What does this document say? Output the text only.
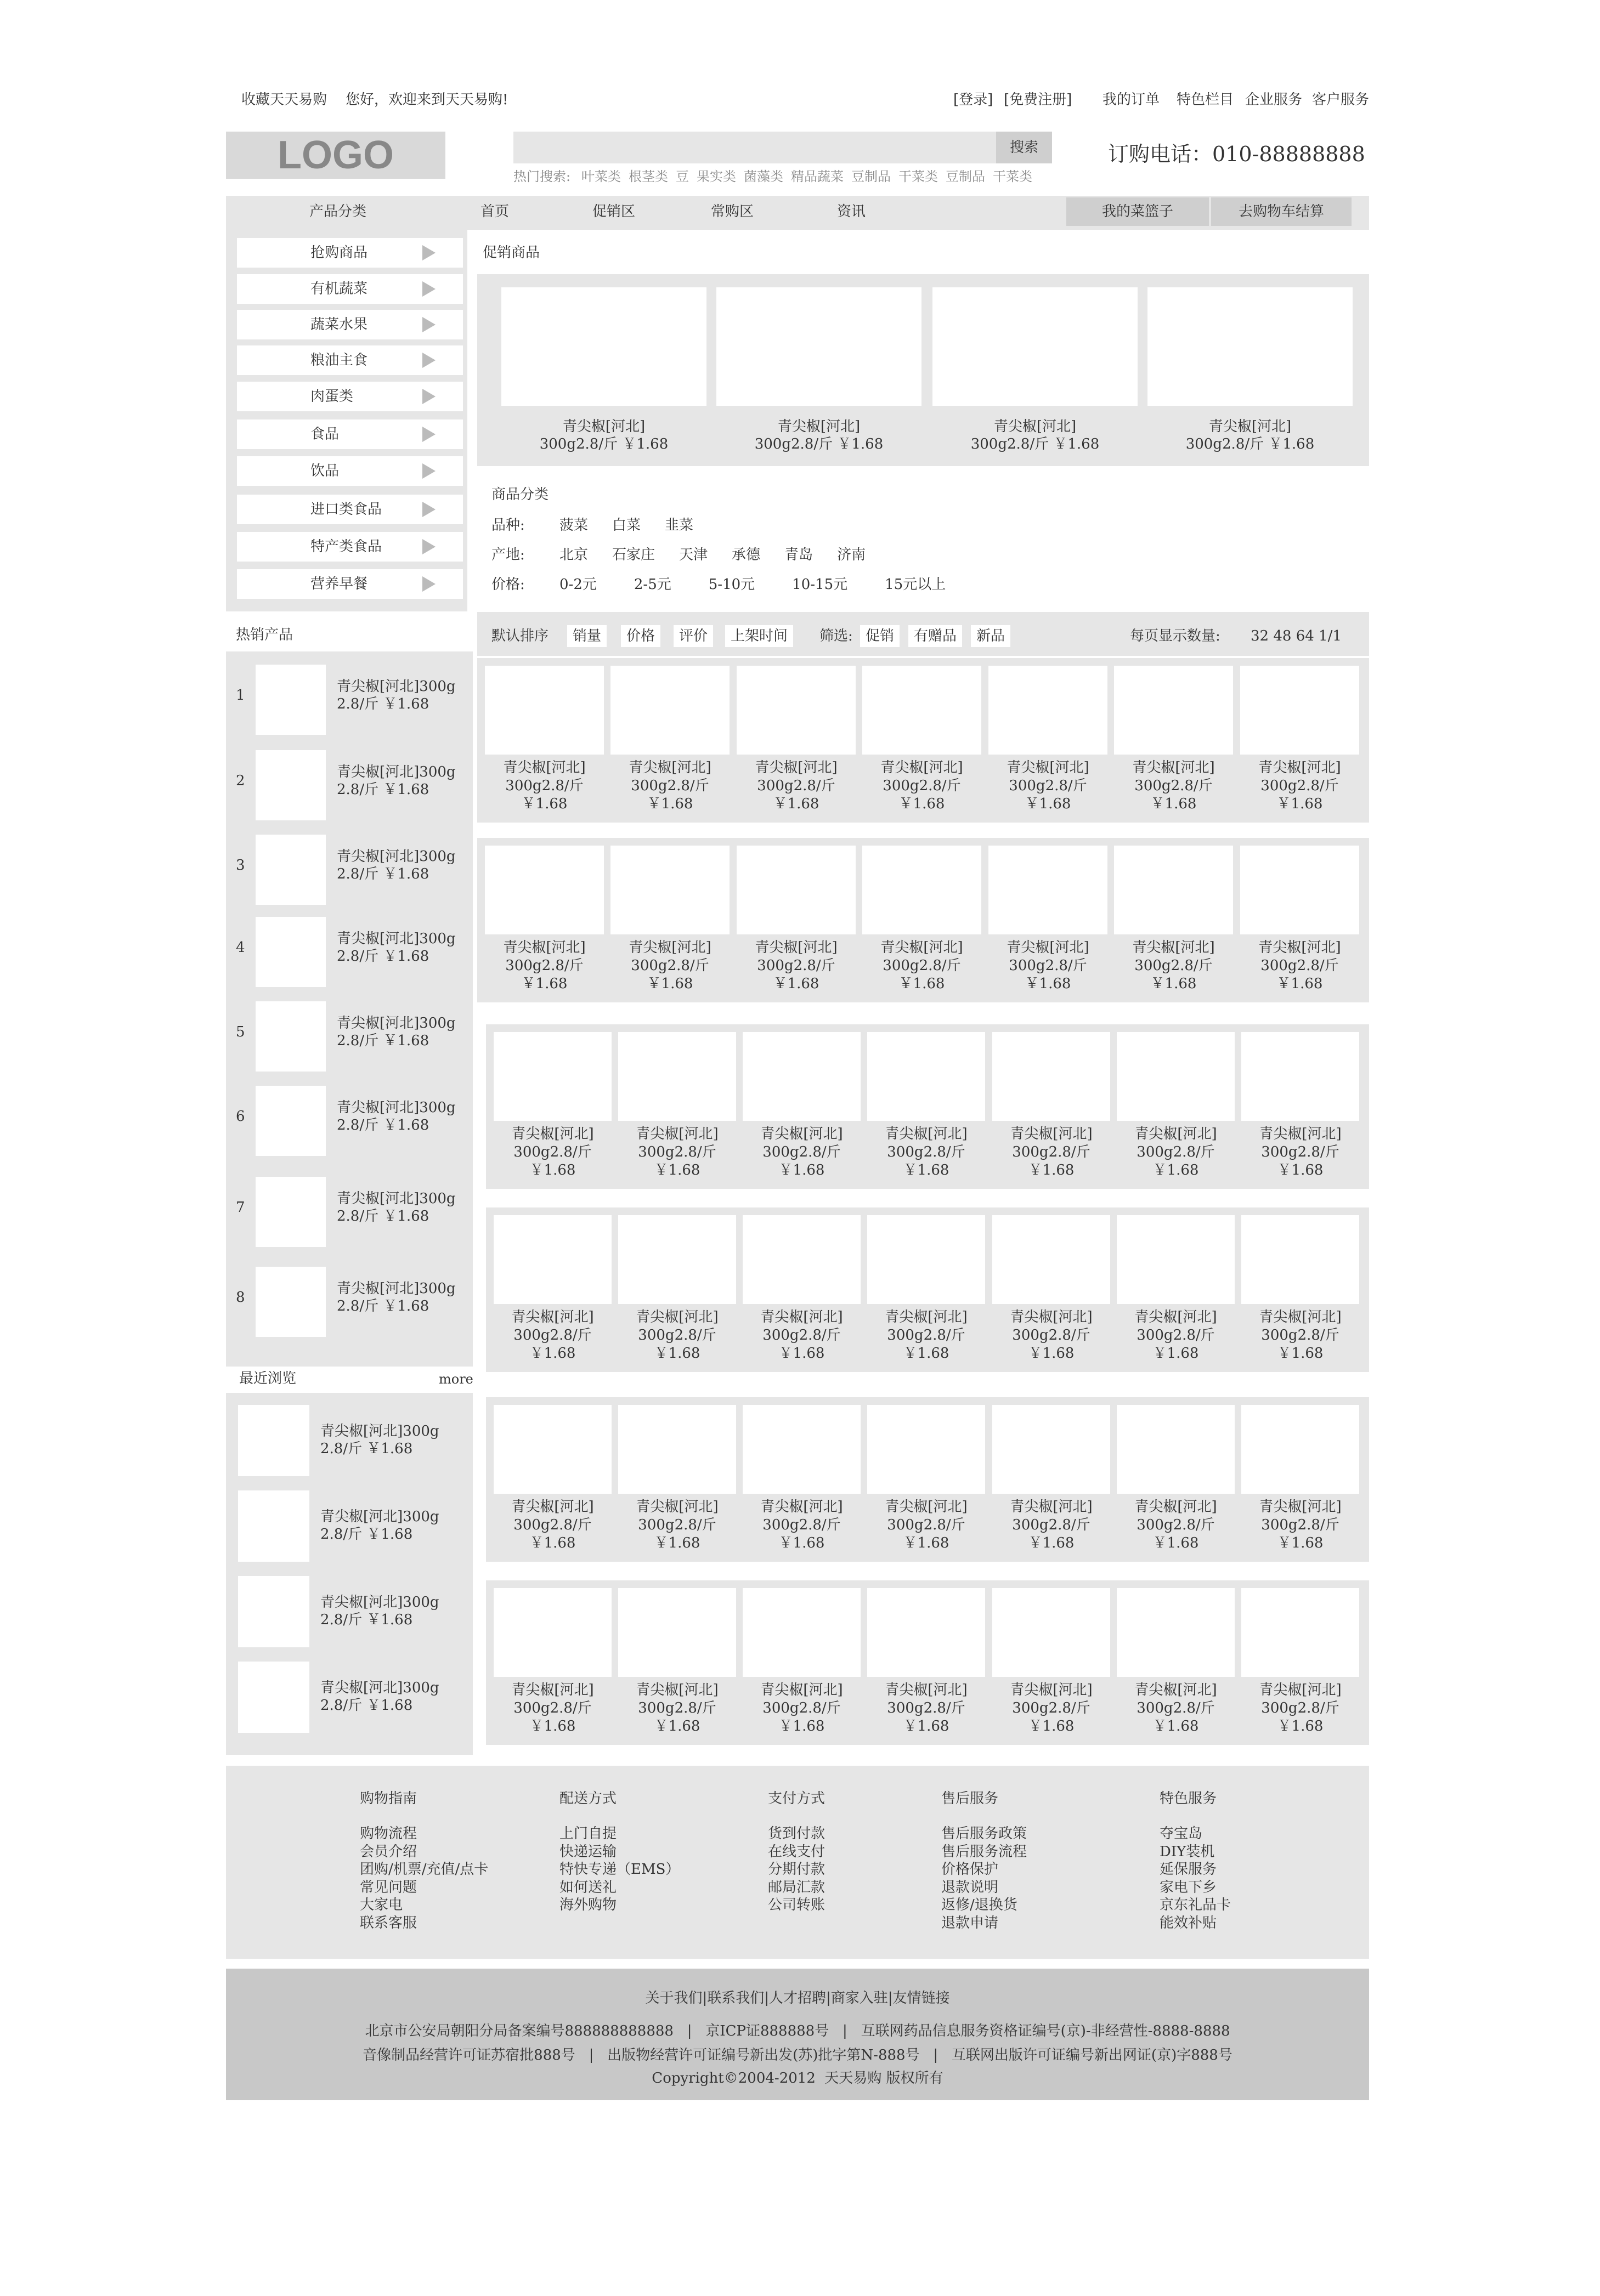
收藏天天易购 您好，欢迎来到天天易购!	[登录] [免费注册] 我的订单 特色栏目 企业服务 客户服务
LOGO	搜索
热门搜索: 叶菜类 根茎类 豆 果实类 菌藻类 精品蔬菜 豆制品 干菜类 豆制品 干菜类
订购电话：010-88888888
产品分类	首页	促销区	常购区	资讯	我的菜篮子	去购物车结算
促销商品
商品分类
品种: 菠菜 白菜 韭菜
产地: 北京 石家庄 天津 承德 青岛 济南
价格: 0-2元	2-5元	5-10元	10-15元	15元以上
热销产品
最近浏览	more
默认排序	销量	价格	评价	上架时间	筛选: 促销	有赠品	新品	每页显示数量: 32 48 64 1/1
关于我们|联系我们|人才招聘|商家入驻|友情链接
北京市公安局朝阳分局备案编号888888888888   |   京ICP证888888号   |   互联网药品信息服务资格证编号(京)-非经营性-8888-8888
音像制品经营许可证苏宿批888号   |   出版物经营许可证编号新出发(苏)批字第N-888号   |   互联网出版许可证编号新出网证(京)字888号
Copyright©2004-2012  天天易购 版权所有
抢购商品
有机蔬菜
蔬菜水果
粮油主食
肉蛋类
食品
饮品
进口类食品
特产类食品
营养早餐
青尖椒[河北]
300g2.8/斤 ￥1.68
青尖椒[河北]
300g2.8/斤 ￥1.68
青尖椒[河北]
300g2.8/斤 ￥1.68
青尖椒[河北]
300g2.8/斤 ￥1.68
1
青尖椒[河北]300g
2.8/斤 ￥1.68
2
青尖椒[河北]300g
2.8/斤 ￥1.68
3
青尖椒[河北]300g
2.8/斤 ￥1.68
4
青尖椒[河北]300g
2.8/斤 ￥1.68
5
青尖椒[河北]300g
2.8/斤 ￥1.68
6
青尖椒[河北]300g
2.8/斤 ￥1.68
7
青尖椒[河北]300g
2.8/斤 ￥1.68
8
青尖椒[河北]300g
2.8/斤 ￥1.68
青尖椒[河北]300g
2.8/斤 ￥1.68
青尖椒[河北]300g
2.8/斤 ￥1.68
青尖椒[河北]300g
2.8/斤 ￥1.68
青尖椒[河北]300g
2.8/斤 ￥1.68
青尖椒[河北]
300g2.8/斤
￥1.68
青尖椒[河北]
300g2.8/斤
￥1.68
青尖椒[河北]
300g2.8/斤
￥1.68
青尖椒[河北]
300g2.8/斤
￥1.68
青尖椒[河北]
300g2.8/斤
￥1.68
青尖椒[河北]
300g2.8/斤
￥1.68
青尖椒[河北]
300g2.8/斤
￥1.68
青尖椒[河北]
300g2.8/斤
￥1.68
青尖椒[河北]
300g2.8/斤
￥1.68
青尖椒[河北]
300g2.8/斤
￥1.68
青尖椒[河北]
300g2.8/斤
￥1.68
青尖椒[河北]
300g2.8/斤
￥1.68
青尖椒[河北]
300g2.8/斤
￥1.68
青尖椒[河北]
300g2.8/斤
￥1.68
青尖椒[河北]
300g2.8/斤
￥1.68
青尖椒[河北]
300g2.8/斤
￥1.68
青尖椒[河北]
300g2.8/斤
￥1.68
青尖椒[河北]
300g2.8/斤
￥1.68
青尖椒[河北]
300g2.8/斤
￥1.68
青尖椒[河北]
300g2.8/斤
￥1.68
青尖椒[河北]
300g2.8/斤
￥1.68
青尖椒[河北]
300g2.8/斤
￥1.68
青尖椒[河北]
300g2.8/斤
￥1.68
青尖椒[河北]
300g2.8/斤
￥1.68
青尖椒[河北]
300g2.8/斤
￥1.68
青尖椒[河北]
300g2.8/斤
￥1.68
青尖椒[河北]
300g2.8/斤
￥1.68
青尖椒[河北]
300g2.8/斤
￥1.68
青尖椒[河北]
300g2.8/斤
￥1.68
青尖椒[河北]
300g2.8/斤
￥1.68
青尖椒[河北]
300g2.8/斤
￥1.68
青尖椒[河北]
300g2.8/斤
￥1.68
青尖椒[河北]
300g2.8/斤
￥1.68
青尖椒[河北]
300g2.8/斤
￥1.68
青尖椒[河北]
300g2.8/斤
￥1.68
青尖椒[河北]
300g2.8/斤
￥1.68
青尖椒[河北]
300g2.8/斤
￥1.68
青尖椒[河北]
300g2.8/斤
￥1.68
青尖椒[河北]
300g2.8/斤
￥1.68
青尖椒[河北]
300g2.8/斤
￥1.68
青尖椒[河北]
300g2.8/斤
￥1.68
青尖椒[河北]
300g2.8/斤
￥1.68
购物指南
购物流程
会员介绍
团购/机票/充值/点卡
常见问题
大家电
联系客服
配送方式
上门自提
快递运输
特快专递（EMS）
如何送礼
海外购物
支付方式
货到付款
在线支付
分期付款
邮局汇款
公司转账
售后服务
售后服务政策
售后服务流程
价格保护
退款说明
返修/退换货
退款申请
特色服务
夺宝岛
DIY装机
延保服务
家电下乡
京东礼品卡
能效补贴
